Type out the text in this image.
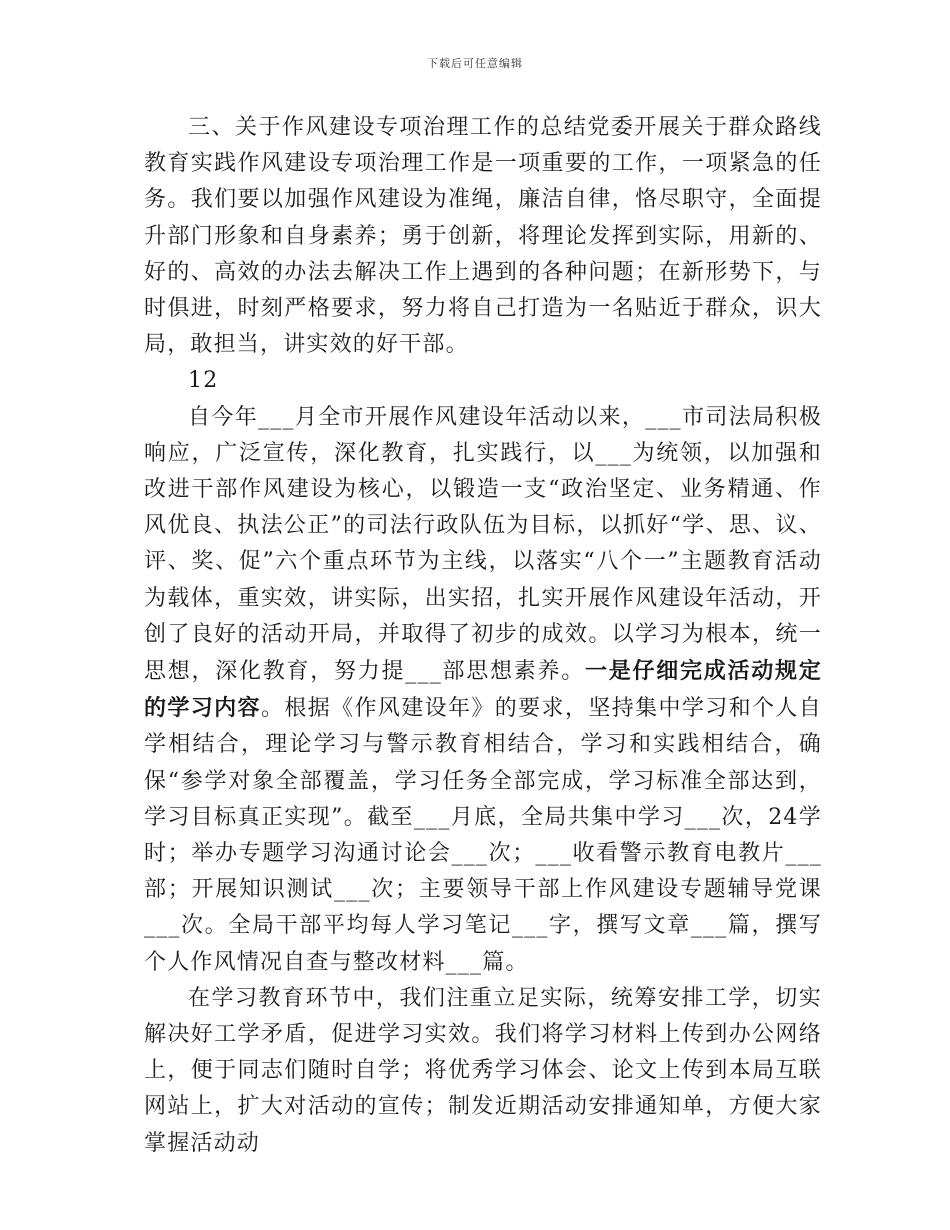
下载后可任意编辑

三、关于作风建设专项治理工作的总结党委开展关于群众路线教育实践作风建设专项治理工作是一项重要的工作，一项紧急的任务。我们要以加强作风建设为准绳，廉洁自律，恪尽职守，全面提升部门形象和自身素养；勇于创新，将理论发挥到实际，用新的、好的、高效的办法去解决工作上遇到的各种问题；在新形势下，与时俱进，时刻严格要求，努力将自己打造为一名贴近于群众，识大局，敢担当，讲实效的好干部。

12

自今年___月全市开展作风建设年活动以来，___市司法局积极响应，广泛宣传，深化教育，扎实践行，以___为统领，以加强和改进干部作风建设为核心，以锻造一支“政治坚定、业务精通、作风优良、执法公正”的司法行政队伍为目标，以抓好“学、思、议、评、奖、促”六个重点环节为主线，以落实“八个一”主题教育活动为载体，重实效，讲实际，出实招，扎实开展作风建设年活动，开创了良好的活动开局，并取得了初步的成效。以学习为根本，统一思想，深化教育，努力提___部思想素养。一是仔细完成活动规定的学习内容。根据《作风建设年》的要求，坚持集中学习和个人自学相结合，理论学习与警示教育相结合，学习和实践相结合，确保“参学对象全部覆盖，学习任务全部完成，学习标准全部达到，学习目标真正实现”。截至___月底，全局共集中学习___次，24学时；举办专题学习沟通讨论会___次；___收看警示教育电教片___部；开展知识测试___次；主要领导干部上作风建设专题辅导党课___次。全局干部平均每人学习笔记___字，撰写文章___篇，撰写个人作风情况自查与整改材料___篇。

在学习教育环节中，我们注重立足实际，统筹安排工学，切实解决好工学矛盾，促进学习实效。我们将学习材料上传到办公网络上，便于同志们随时自学；将优秀学习体会、论文上传到本局互联网站上，扩大对活动的宣传；制发近期活动安排通知单，方便大家掌握活动动
